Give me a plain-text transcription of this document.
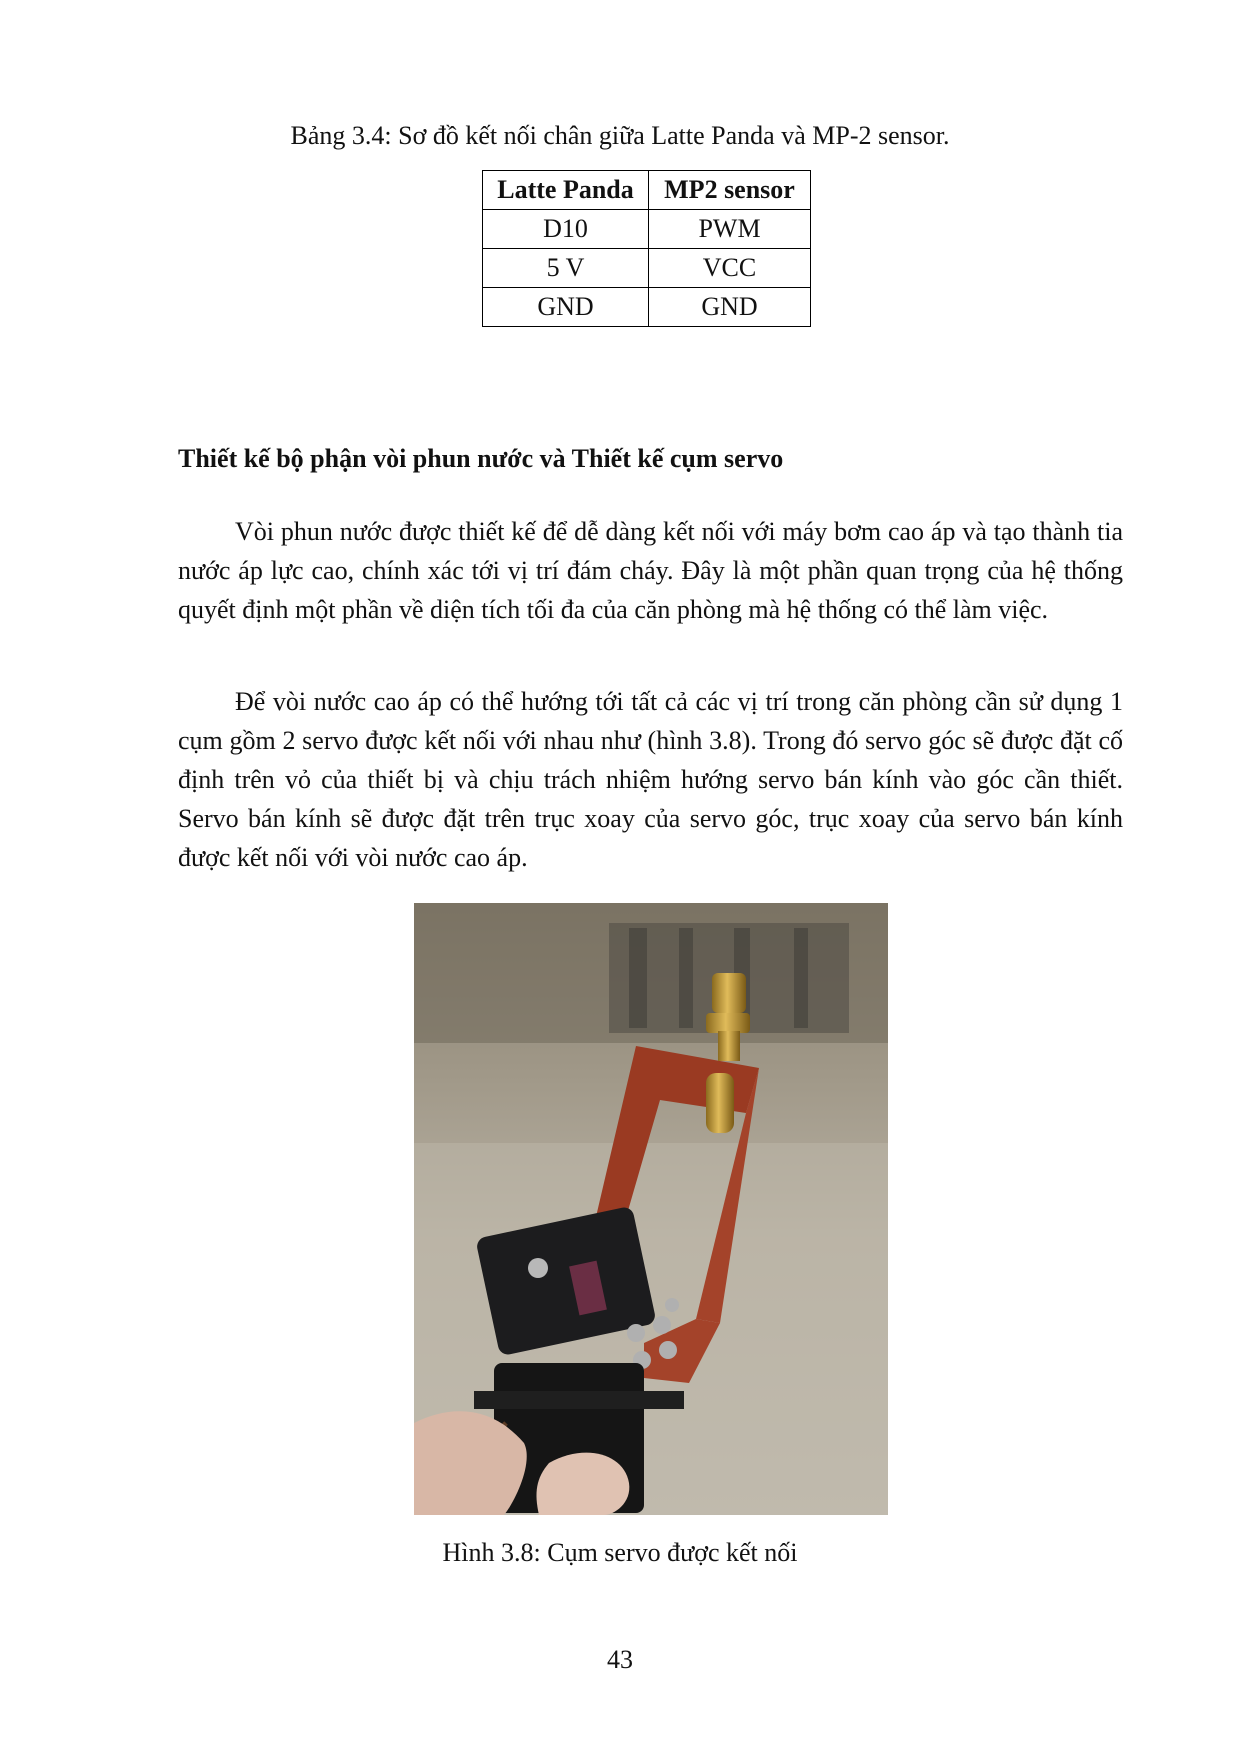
Bảng 3.4: Sơ đồ kết nối chân giữa Latte Panda và MP-2 sensor.
Latte Panda	MP2 sensor
D10	PWM
5 V	VCC
GND	GND
Thiết kế bộ phận vòi phun nước và Thiết kế cụm servo

Vòi phun nước được thiết kế để dễ dàng kết nối với máy bơm cao áp và tạo thành tia nước áp lực cao, chính xác tới vị trí đám cháy. Đây là một phần quan trọng của hệ thống quyết định một phần về diện tích tối đa của căn phòng mà hệ thống có thể làm việc.

Để vòi nước cao áp có thể hướng tới tất cả các vị trí trong căn phòng cần sử dụng 1 cụm gồm 2 servo được kết nối với nhau như (hình 3.8). Trong đó servo góc sẽ được đặt cố định trên vỏ của thiết bị và chịu trách nhiệm hướng servo bán kính vào góc cần thiết. Servo bán kính sẽ được đặt trên trục xoay của servo góc, trục xoay của servo bán kính được kết nối với vòi nước cao áp.

Hình 3.8: Cụm servo được kết nối
43
